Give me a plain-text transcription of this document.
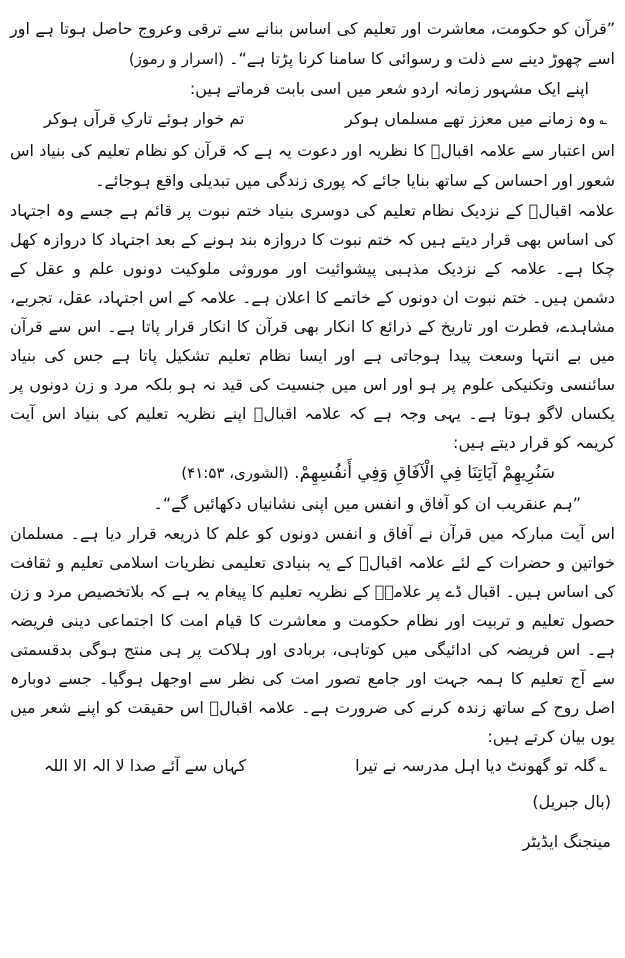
”قرآن کو حکومت، معاشرت اور تعلیم کی اساس بنانے سے ترقی وعروج حاصل ہوتا ہے اور اسے چھوڑ دینے سے ذلت و رسوائی کا سامنا کرنا پڑتا ہے“۔ (اسرار و رموز)

اپنے ایک مشہور زمانہ اردو شعر میں اسی بابت فرماتے ہیں:

؎وہ زمانے میں معزز تھے مسلماں ہوکر
تم خوار ہوئے تارکِ قرآں ہوکر

اس اعتبار سے علامہ اقبالؒ کا نظریہ اور دعوت یہ ہے کہ قرآن کو نظام تعلیم کی بنیاد اس شعور اور احساس کے ساتھ بنایا جائے کہ پوری زندگی میں تبدیلی واقع ہوجائے۔

علامہ اقبالؒ کے نزدیک نظام تعلیم کی دوسری بنیاد ختم نبوت پر قائم ہے جسے وہ اجتہاد کی اساس بھی قرار دیتے ہیں کہ ختم نبوت کا دروازہ بند ہونے کے بعد اجتہاد کا دروازہ کھل چکا ہے۔ علامہ کے نزدیک مذہبی پیشوائیت اور موروثی ملوکیت دونوں علم و عقل کے دشمن ہیں۔ ختم نبوت ان دونوں کے خاتمے کا اعلان ہے۔ علامہ کے اس اجتہاد، عقل، تجربے، مشاہدے، فطرت اور تاریخ کے ذرائع کا انکار بھی قرآن کا انکار قرار پاتا ہے۔ اس سے قرآن میں بے انتہا وسعت پیدا ہوجاتی ہے اور ایسا نظام تعلیم تشکیل پاتا ہے جس کی بنیاد سائنسی وتکنیکی علوم پر ہو اور اس میں جنسیت کی قید نہ ہو بلکہ مرد و زن دونوں پر یکساں لاگو ہوتا ہے۔ یہی وجہ ہے کہ علامہ اقبالؒ اپنے نظریہ تعلیم کی بنیاد اس آیت کریمہ کو قرار دیتے ہیں:

سَنُرِيهِمْ آيَاتِنَا فِي الْآفَاقِ وَفِي أَنفُسِهِمْ. (الشوری، ۴۱:۵۳)
”ہم عنقریب ان کو آفاق و انفس میں اپنی نشانیاں دکھائیں گے“۔

اس آیت مبارکہ میں قرآن نے آفاق و انفس دونوں کو علم کا ذریعہ قرار دیا ہے۔ مسلمان خواتین و حضرات کے لئے علامہ اقبالؒ کے یہ بنیادی تعلیمی نظریات اسلامی تعلیم و ثقافت کی اساس ہیں۔ اقبال ڈے پر علامہؒ کے نظریہ تعلیم کا پیغام یہ ہے کہ بلاتخصیص مرد و زن حصول تعلیم و تربیت اور نظام حکومت و معاشرت کا قیام امت کا اجتماعی دینی فریضہ ہے۔ اس فریضہ کی ادائیگی میں کوتاہی، بربادی اور ہلاکت پر ہی منتج ہوگی بدقسمتی سے آج تعلیم کا ہمہ جہت اور جامع تصور امت کی نظر سے اوجھل ہوگیا۔ جسے دوبارہ اصل روح کے ساتھ زندہ کرنے کی ضرورت ہے۔ علامہ اقبالؒ اس حقیقت کو اپنے شعر میں یوں بیان کرتے ہیں:

؎گلہ تو گھونٹ دیا اہل مدرسہ نے تیرا
کہاں سے آئے صدا لا الہ الا اللہ
(بال جبریل)
مینجنگ ایڈیٹر
